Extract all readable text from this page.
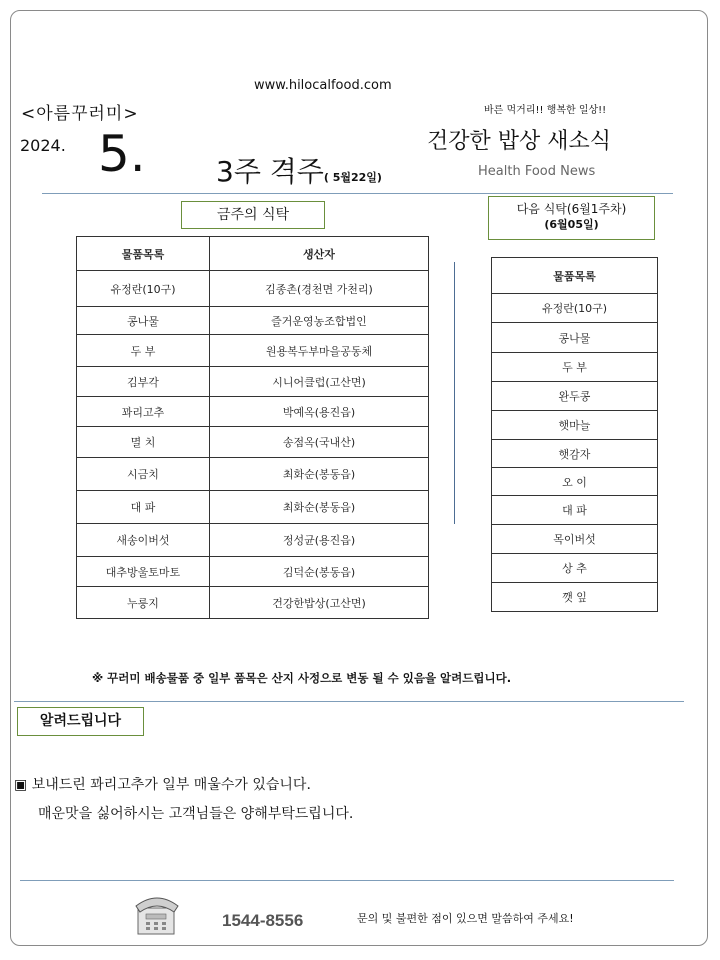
www.hilocalfood.com
<아름꾸러미>	바른 먹거리!! 행복한 일상!!
2024. 5.	3주 격주( 5월22일)
건강한 밥상 새소식
Health Food News
금주의 식탁
물품목록	생산자
유정란(10구)	김종촌(경천면 가천리)
콩나물	즐거운영농조합법인
두 부	원용복두부마을공동체
김부각	시니어클럽(고산면)
꽈리고추	박예옥(용진읍)
멸 치	송점옥(국내산)
시금치	최화순(봉동읍)
대 파	최화순(봉동읍)
새송이버섯	정성균(용진읍)
대추방울토마토	김덕순(봉동읍)
누룽지	건강한밥상(고산면)
다음 식탁(6월1주차)
(6월05일)
물품목록
유정란(10구)
콩나물
두 부
완두콩
햇마늘
햇감자
오 이
대 파
목이버섯
상 추
깻 잎
※ 꾸러미 배송물품 중 일부 품목은 산지 사정으로 변동 될 수 있음을 알려드립니다.
알려드립니다
▣ 보내드린 꽈리고추가 일부 매울수가 있습니다.
매운맛을 싫어하시는 고객님들은 양해부탁드립니다.
1544-8556	문의 및 불편한 점이 있으면 말씀하여 주세요!
